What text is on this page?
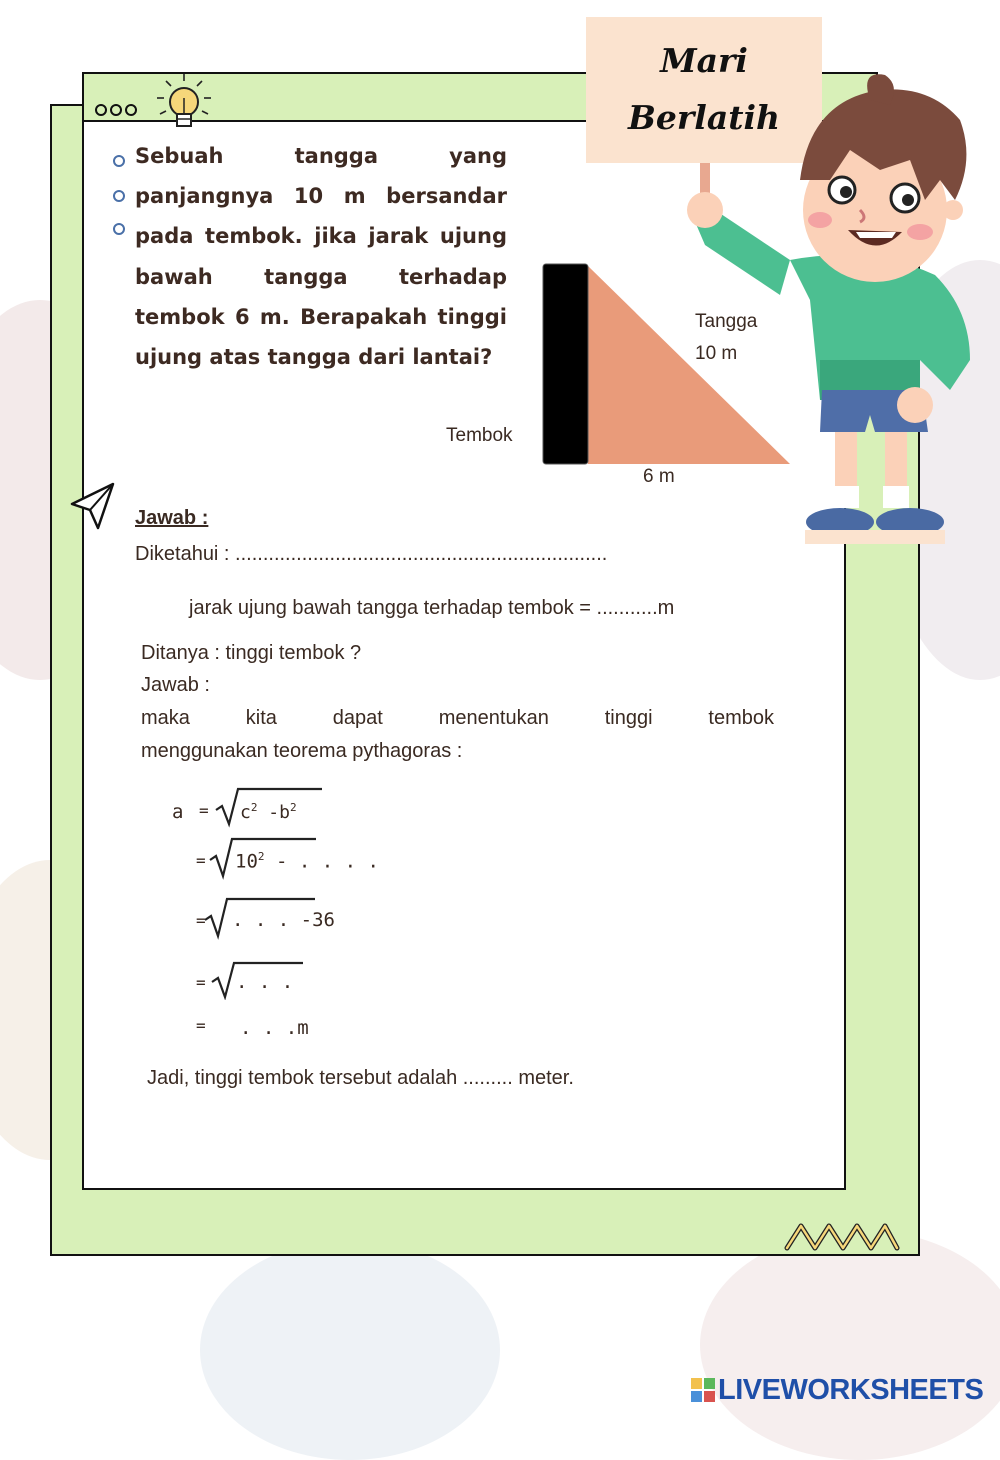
Sebuah tangga yang panjangnya 10 m bersandar pada tembok. jika jarak ujung bawah tangga terhadap tembok 6 m. Berapakah tinggi ujung atas tangga dari lantai?
Mari
Berlatih
Tangga
10 m
Tembok
6 m
Jawab :
Diketahui : ...................................................................
jarak ujung bawah tangga terhadap tembok = ...........m
Ditanya : tinggi tembok ?
Jawab :
maka kita dapat menentukan tinggi tembok
menggunakan teorema pythagoras :
$a = c^2$ $-b^2$
= $10^2$ - . . . .
= . . . -36
= . . .
= . . .m
Jadi, tinggi tembok tersebut adalah ......... meter.
LIVEWORKSHEETS
